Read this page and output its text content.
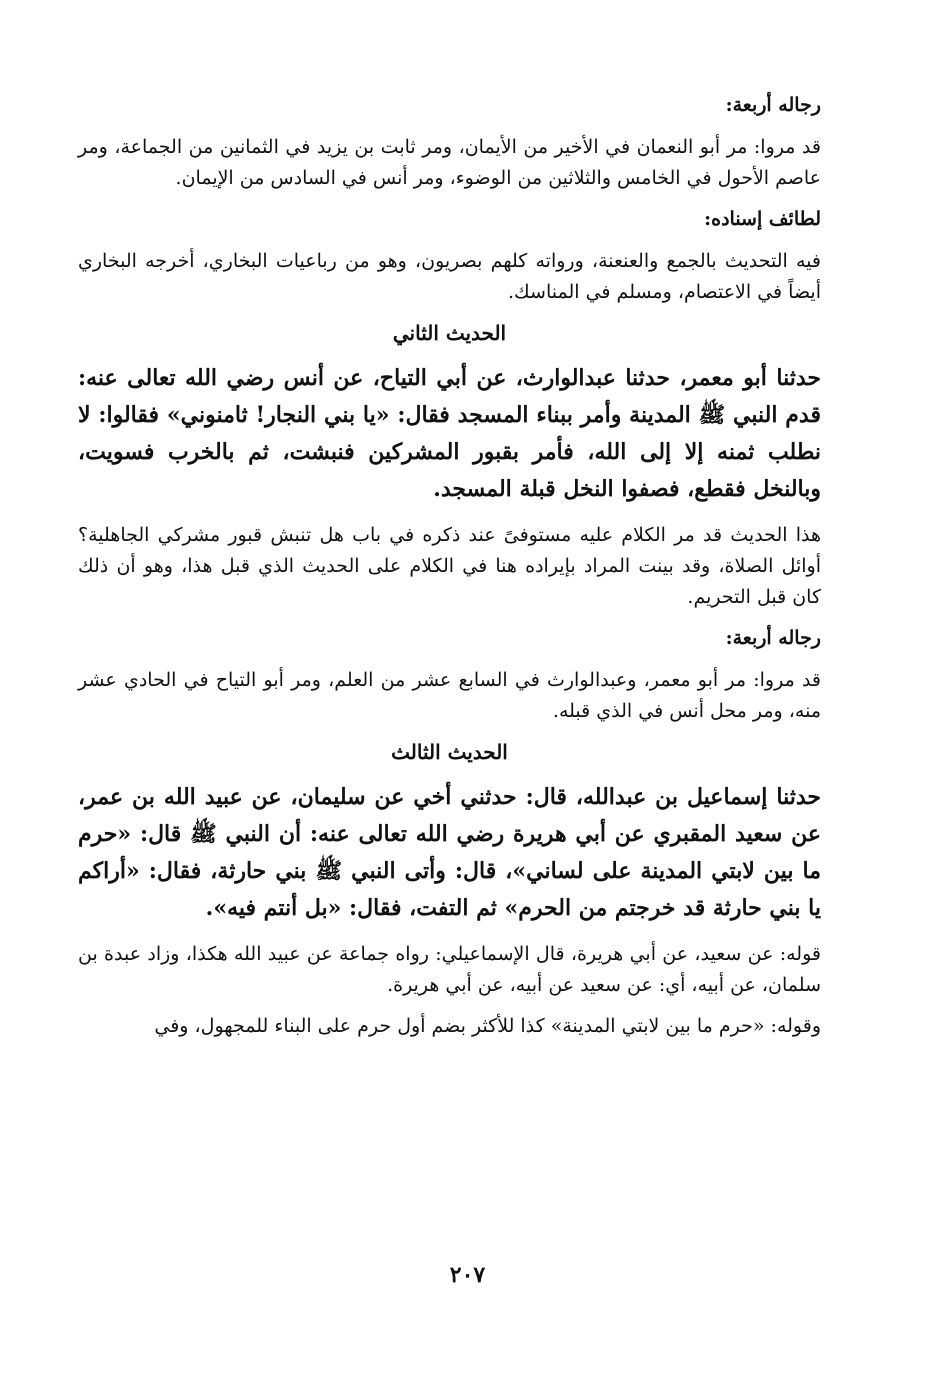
رجاله أربعة:
قد مروا: مر أبو النعمان في الأخير من الأيمان، ومر ثابت بن يزيد في الثمانين من الجماعة، ومر عاصم الأحول في الخامس والثلاثين من الوضوء، ومر أنس في السادس من الإيمان.
لطائف إسناده:
فيه التحديث بالجمع والعنعنة، ورواته كلهم بصريون، وهو من رباعيات البخاري، أخرجه البخاري أيضاً في الاعتصام، ومسلم في المناسك.
الحديث الثاني
حدثنا أبو معمر، حدثنا عبدالوارث، عن أبي التياح، عن أنس رضي الله تعالى عنه: قدم النبي ﷺ المدينة وأمر ببناء المسجد فقال: «يا بني النجار! ثامنوني» فقالوا: لا نطلب ثمنه إلا إلى الله، فأمر بقبور المشركين فنبشت، ثم بالخرب فسويت، وبالنخل فقطع، فصفوا النخل قبلة المسجد.
هذا الحديث قد مر الكلام عليه مستوفىً عند ذكره في باب هل تنبش قبور مشركي الجاهلية؟ أوائل الصلاة، وقد بينت المراد بإيراده هنا في الكلام على الحديث الذي قبل هذا، وهو أن ذلك كان قبل التحريم.
رجاله أربعة:
قد مروا: مر أبو معمر، وعبدالوارث في السابع عشر من العلم، ومر أبو التياح في الحادي عشر منه، ومر محل أنس في الذي قبله.
الحديث الثالث
حدثنا إسماعيل بن عبدالله، قال: حدثني أخي عن سليمان، عن عبيد الله بن عمر، عن سعيد المقبري عن أبي هريرة رضي الله تعالى عنه: أن النبي ﷺ قال: «حرم ما بين لابتي المدينة على لساني»، قال: وأتى النبي ﷺ بني حارثة، فقال: «أراكم يا بني حارثة قد خرجتم من الحرم» ثم التفت، فقال: «بل أنتم فيه».
قوله: عن سعيد، عن أبي هريرة، قال الإسماعيلي: رواه جماعة عن عبيد الله هكذا، وزاد عبدة بن سلمان، عن أبيه، أي: عن سعيد عن أبيه، عن أبي هريرة.
وقوله: «حرم ما بين لابتي المدينة» كذا للأكثر بضم أول حرم على البناء للمجهول، وفي
٢٠٧
